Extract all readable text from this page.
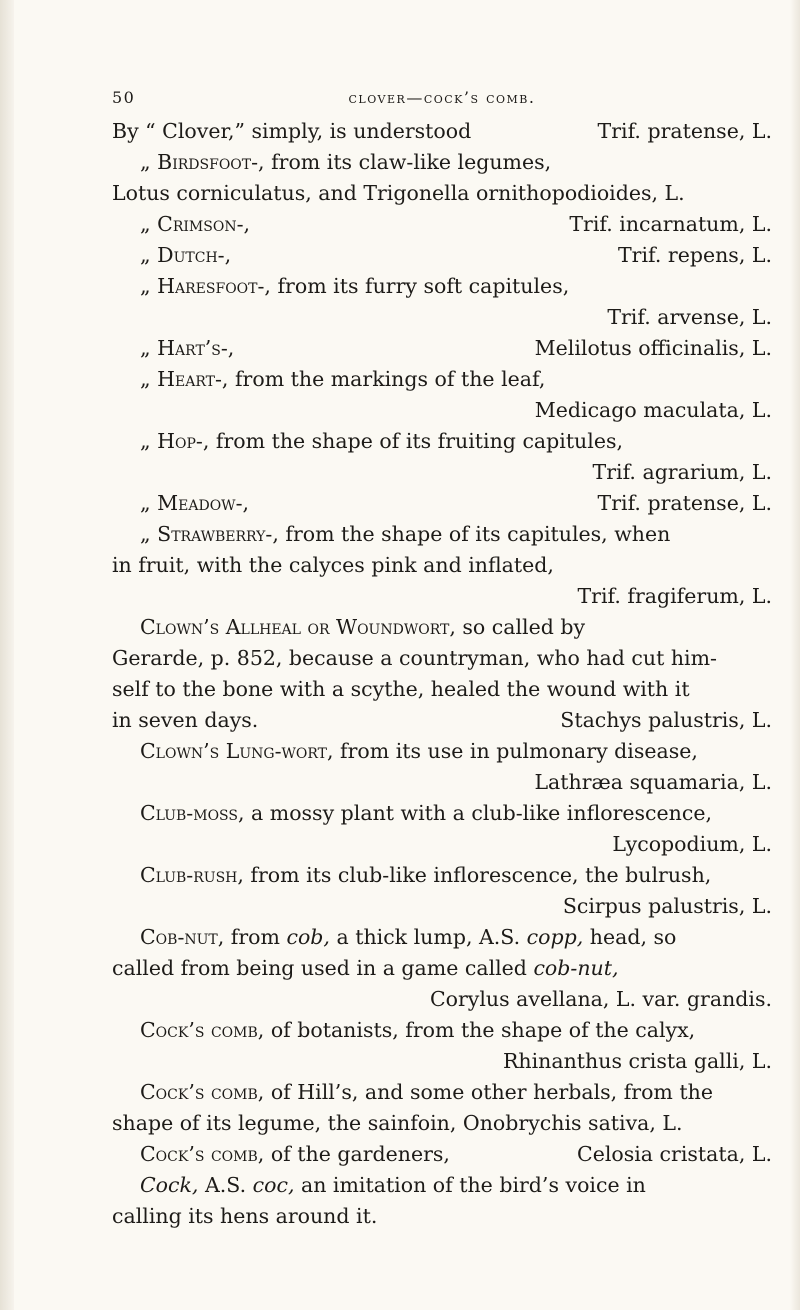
50	clover—cock’s comb.
By “ Clover,” simply, is understood	Trif. pratense, L.
„ Birdsfoot-, from its claw-like legumes,
Lotus corniculatus, and Trigonella ornithopodioides, L.
„ Crimson-,	Trif. incarnatum, L.
„ Dutch-,	Trif. repens, L.
„ Haresfoot-, from its furry soft capitules,
Trif. arvense, L.
„ Hart’s-,	Melilotus officinalis, L.
„ Heart-, from the markings of the leaf,
Medicago maculata, L.
„ Hop-, from the shape of its fruiting capitules,
Trif. agrarium, L.
„ Meadow-,	Trif. pratense, L.
„ Strawberry-, from the shape of its capitules, when
in fruit, with the calyces pink and inflated,
Trif. fragiferum, L.
Clown’s Allheal or Woundwort, so called by
Gerarde, p. 852, because a countryman, who had cut him-
self to the bone with a scythe, healed the wound with it
in seven days.	Stachys palustris, L.
Clown’s Lung-wort, from its use in pulmonary disease,
Lathræa squamaria, L.
Club-moss, a mossy plant with a club-like inflorescence,
Lycopodium, L.
Club-rush, from its club-like inflorescence, the bulrush,
Scirpus palustris, L.
Cob-nut, from cob, a thick lump, A.S. copp, head, so
called from being used in a game called cob-nut,
Corylus avellana, L. var. grandis.
Cock’s comb, of botanists, from the shape of the calyx,
Rhinanthus crista galli, L.
Cock’s comb, of Hill’s, and some other herbals, from the
shape of its legume, the sainfoin, Onobrychis sativa, L.
Cock’s comb, of the gardeners,	Celosia cristata, L.
Cock, A.S. coc, an imitation of the bird’s voice in
calling its hens around it.
